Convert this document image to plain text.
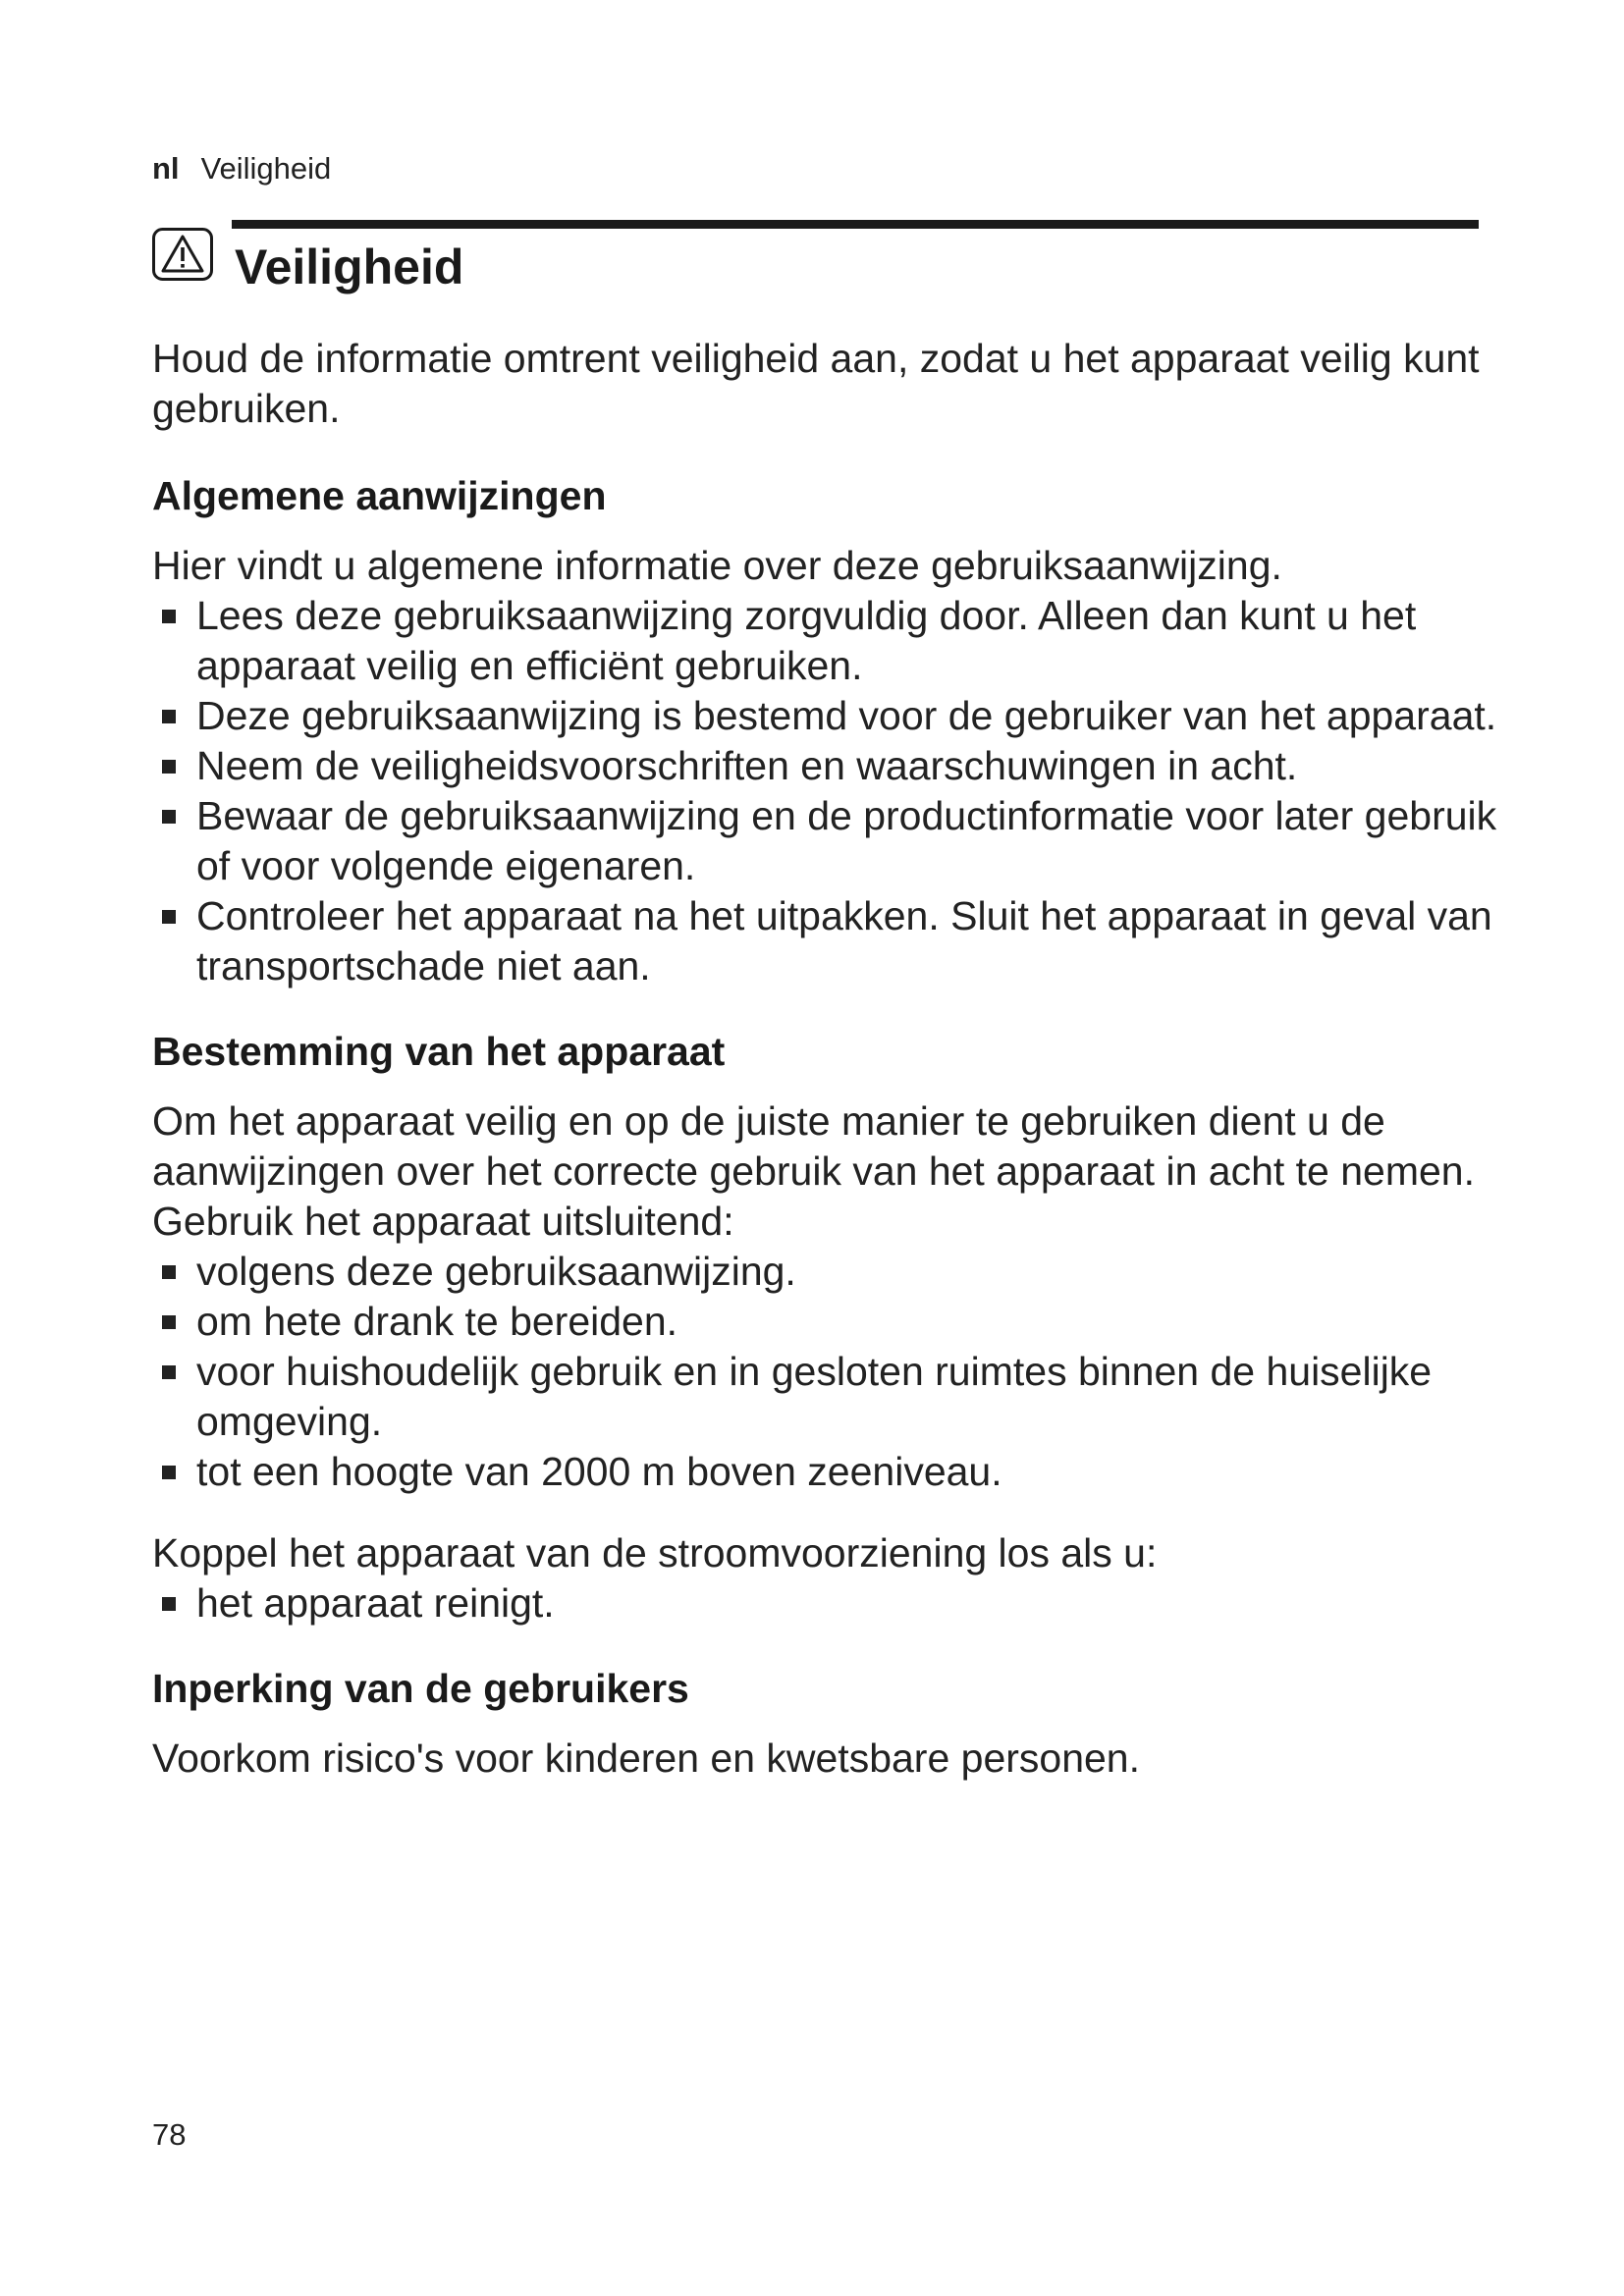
nl Veiligheid
Veiligheid

Houd de informatie omtrent veiligheid aan, zodat u het apparaat veilig kunt gebruiken.

Algemene aanwijzingen

Hier vindt u algemene informatie over deze gebruiksaanwijzing.

Lees deze gebruiksaanwijzing zorgvuldig door. Alleen dan kunt u het apparaat veilig en efficiënt gebruiken.
Deze gebruiksaanwijzing is bestemd voor de gebruiker van het apparaat.
Neem de veiligheidsvoorschriften en waarschuwingen in acht.
Bewaar de gebruiksaanwijzing en de productinformatie voor later gebruik of voor volgende eigenaren.
Controleer het apparaat na het uitpakken. Sluit het apparaat in geval van transportschade niet aan.
Bestemming van het apparaat

Om het apparaat veilig en op de juiste manier te gebruiken dient u de aanwijzingen over het correcte gebruik van het apparaat in acht te nemen.

Gebruik het apparaat uitsluitend:

volgens deze gebruiksaanwijzing.
om hete drank te bereiden.
voor huishoudelijk gebruik en in gesloten ruimtes binnen de huiselijke omgeving.
tot een hoogte van 2000 m boven zeeniveau.

Koppel het apparaat van de stroomvoorziening los als u:

het apparaat reinigt.
Inperking van de gebruikers

Voorkom risico's voor kinderen en kwetsbare personen.

78
